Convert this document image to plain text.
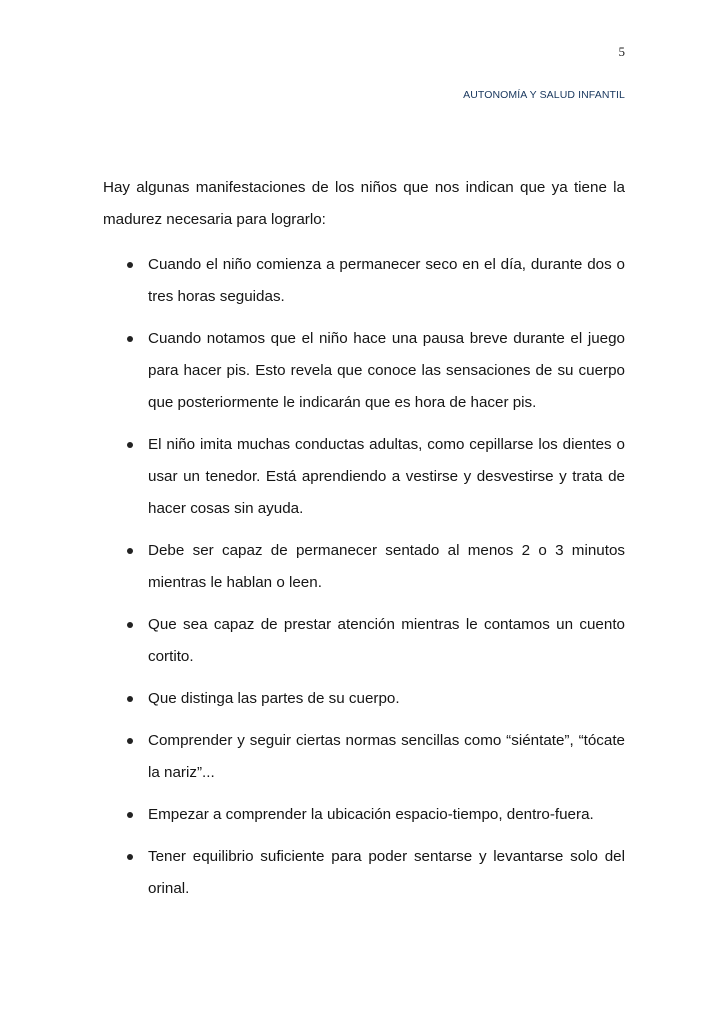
5
AUTONOMÍA Y SALUD INFANTIL

Hay algunas manifestaciones de los niños que nos indican que ya tiene la madurez necesaria para lograrlo:

Cuando el niño comienza a permanecer seco en el día, durante dos o tres horas seguidas.
Cuando notamos que el niño hace una pausa breve durante el juego para hacer pis. Esto revela que conoce las sensaciones de su cuerpo que posteriormente le indicarán que es hora de hacer pis.
El niño imita muchas conductas adultas, como cepillarse los dientes o usar un tenedor. Está aprendiendo a vestirse y desvestirse y trata de hacer cosas sin ayuda.
Debe ser capaz de permanecer sentado al menos 2 o 3 minutos mientras le hablan o leen.
Que sea capaz de prestar atención mientras le contamos un cuento cortito.
Que distinga las partes de su cuerpo.
Comprender y seguir ciertas normas sencillas como “siéntate”, “tócate la nariz”...
Empezar a comprender la ubicación espacio-tiempo, dentro-fuera.
Tener equilibrio suficiente para poder sentarse y levantarse solo del orinal.
